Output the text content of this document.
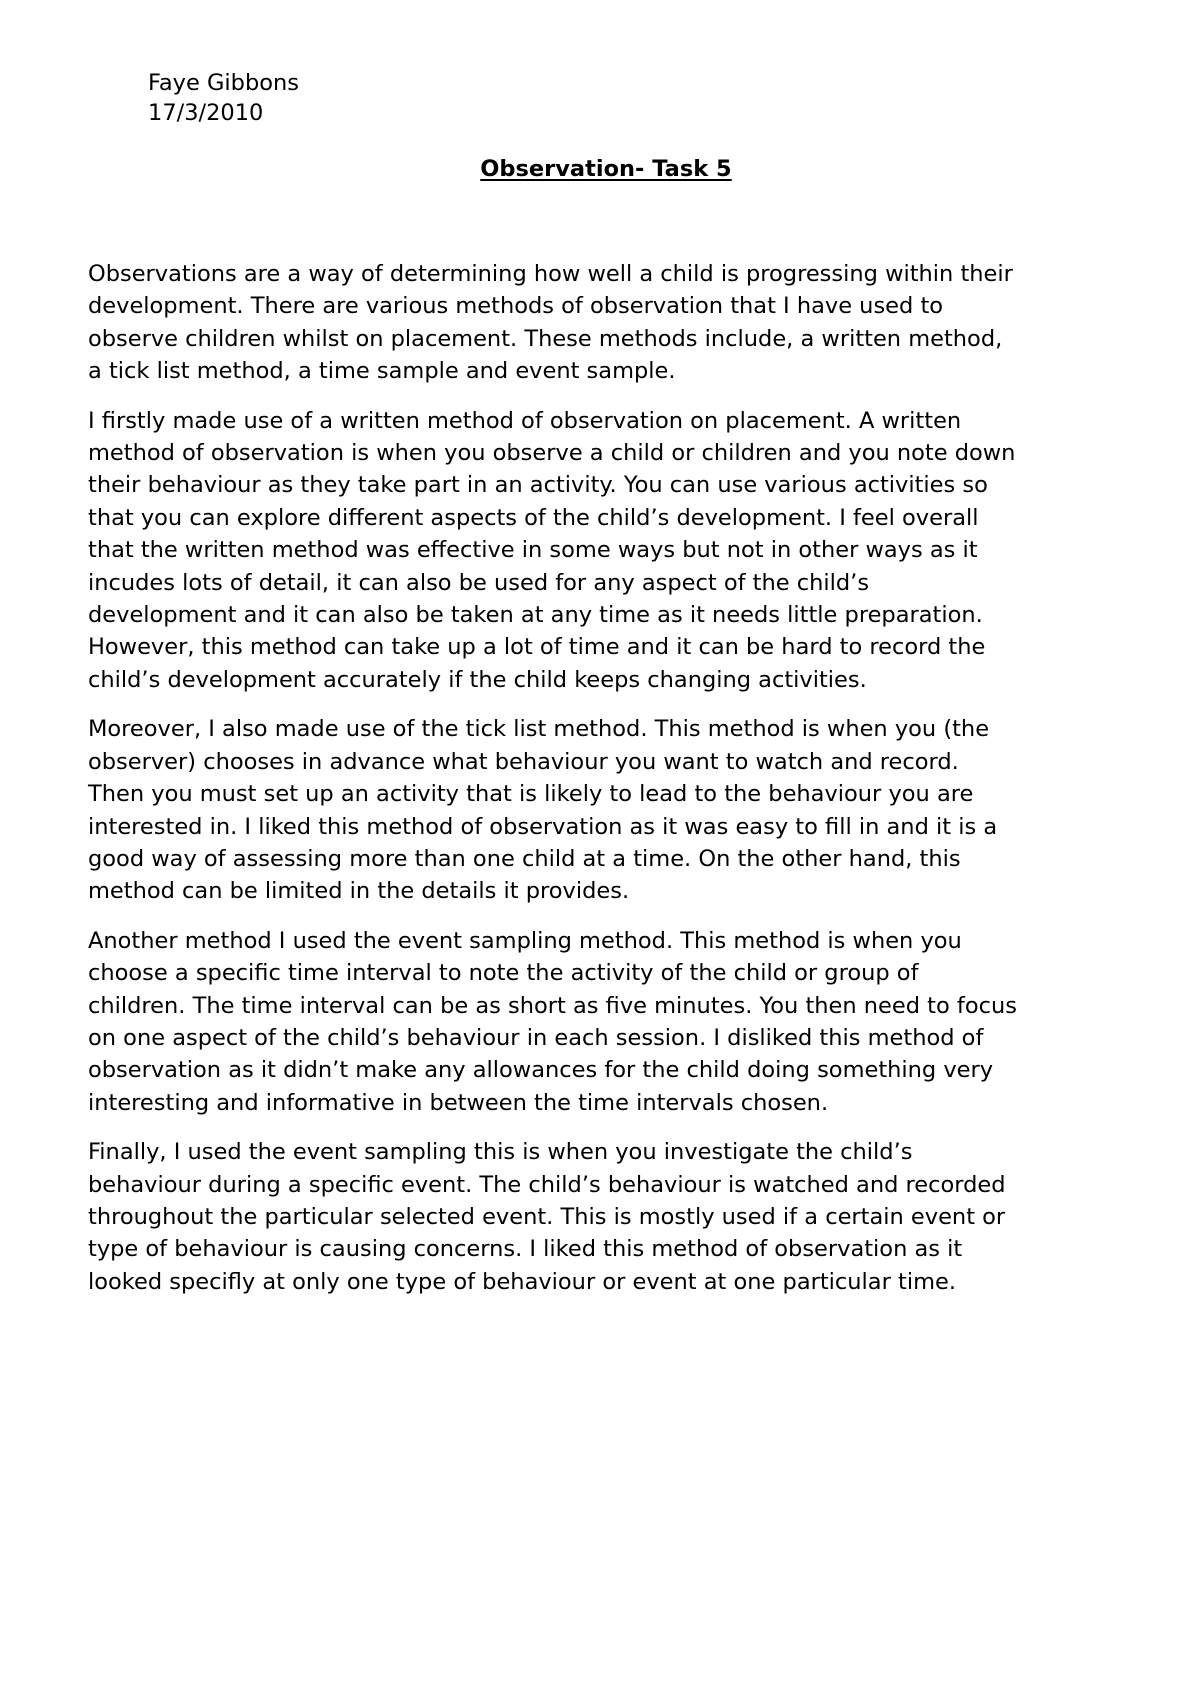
Faye Gibbons
17/3/2010
Observation- Task 5

Observations are a way of determining how well a child is progressing within their
development. There are various methods of observation that I have used to
observe children whilst on placement. These methods include, a written method,
a tick list method, a time sample and event sample.

I firstly made use of a written method of observation on placement. A written
method of observation is when you observe a child or children and you note down
their behaviour as they take part in an activity. You can use various activities so
that you can explore different aspects of the child’s development. I feel overall
that the written method was effective in some ways but not in other ways as it
incudes lots of detail, it can also be used for any aspect of the child’s
development and it can also be taken at any time as it needs little preparation.
However, this method can take up a lot of time and it can be hard to record the
child’s development accurately if the child keeps changing activities.

Moreover, I also made use of the tick list method. This method is when you (the
observer) chooses in advance what behaviour you want to watch and record.
Then you must set up an activity that is likely to lead to the behaviour you are
interested in. I liked this method of observation as it was easy to fill in and it is a
good way of assessing more than one child at a time. On the other hand, this
method can be limited in the details it provides.

Another method I used the event sampling method. This method is when you
choose a specific time interval to note the activity of the child or group of
children. The time interval can be as short as five minutes. You then need to focus
on one aspect of the child’s behaviour in each session. I disliked this method of
observation as it didn’t make any allowances for the child doing something very
interesting and informative in between the time intervals chosen.

Finally, I used the event sampling this is when you investigate the child’s
behaviour during a specific event. The child’s behaviour is watched and recorded
throughout the particular selected event. This is mostly used if a certain event or
type of behaviour is causing concerns. I liked this method of observation as it
looked specifly at only one type of behaviour or event at one particular time.
